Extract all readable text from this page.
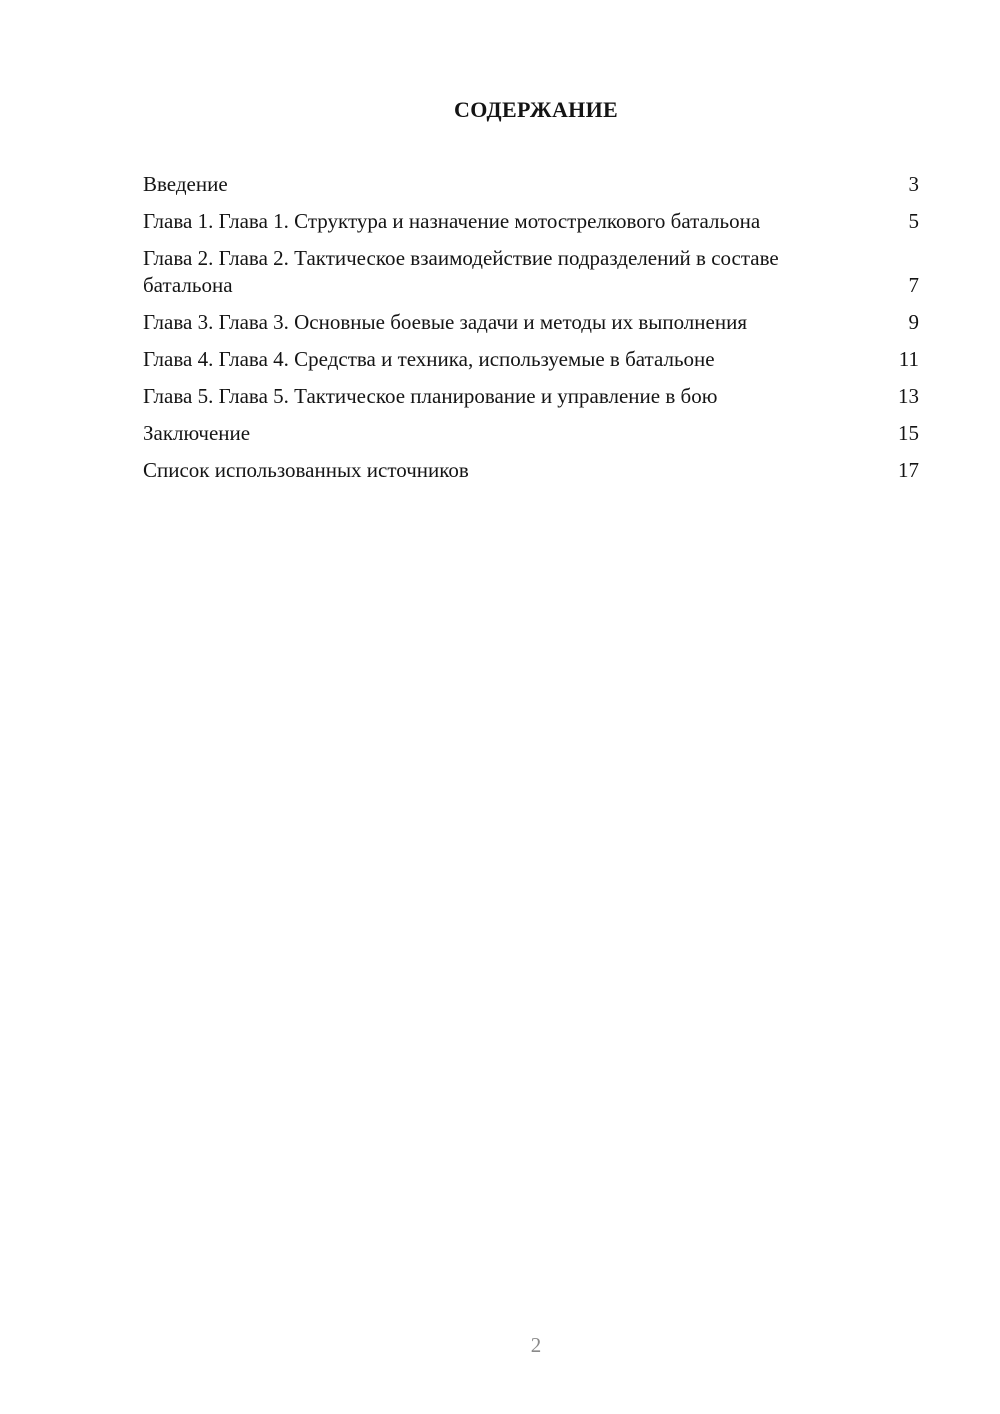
СОДЕРЖАНИЕ
Введение	3
Глава 1. Глава 1. Структура и назначение мотострелкового батальона	5
Глава 2. Глава 2. Тактическое взаимодействие подразделений в составе батальона	7
Глава 3. Глава 3. Основные боевые задачи и методы их выполнения	9
Глава 4. Глава 4. Средства и техника, используемые в батальоне	11
Глава 5. Глава 5. Тактическое планирование и управление в бою	13
Заключение	15
Список использованных источников	17
2
